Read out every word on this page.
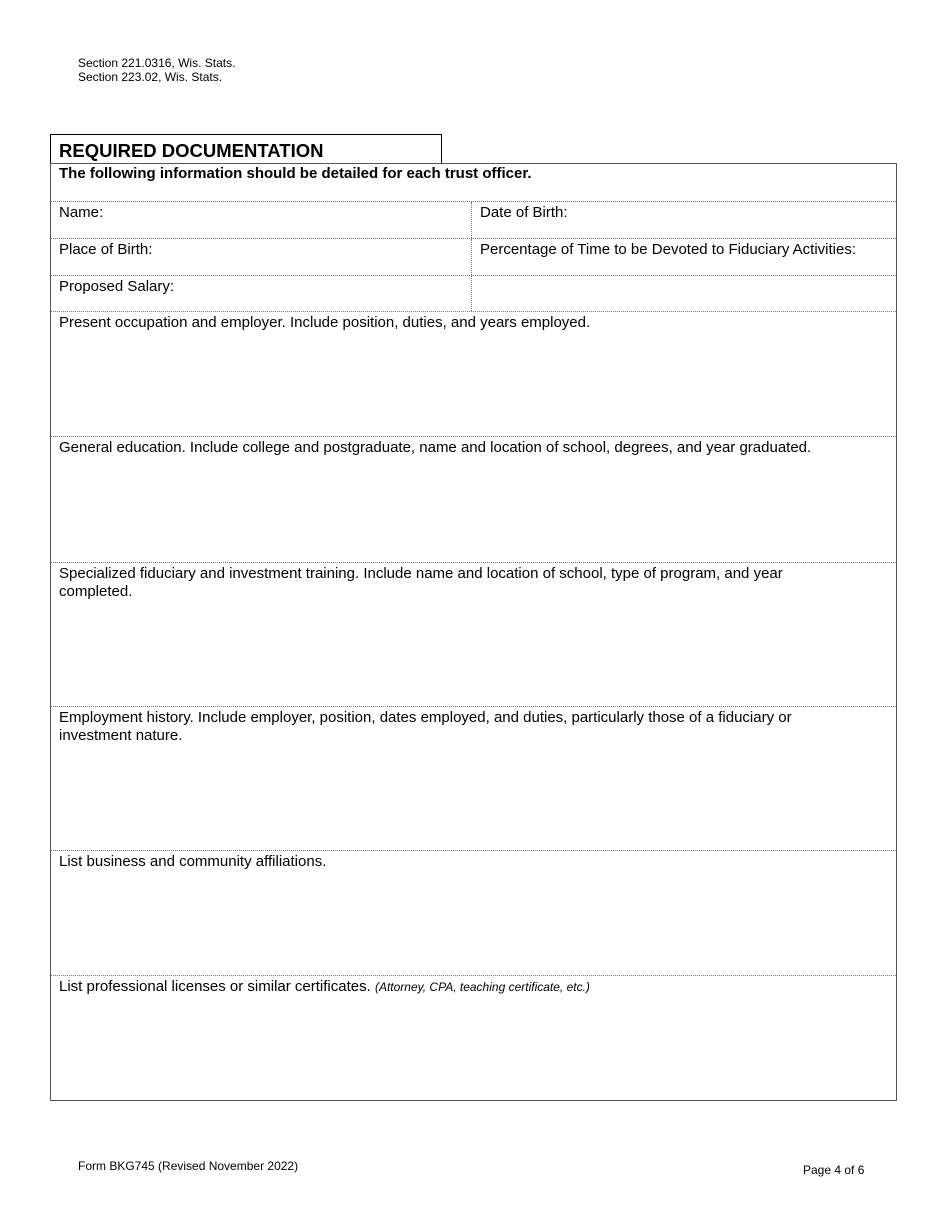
Section 221.0316, Wis. Stats.
Section 223.02, Wis. Stats.
REQUIRED DOCUMENTATION
The following information should be detailed for each trust officer.
Name:	Date of Birth:
Place of Birth:	Percentage of Time to be Devoted to Fiduciary Activities:
Proposed Salary:
Present occupation and employer. Include position, duties, and years employed.
General education. Include college and postgraduate, name and location of school, degrees, and year graduated.
Specialized fiduciary and investment training. Include name and location of school, type of program, and year completed.
Employment history. Include employer, position, dates employed, and duties, particularly those of a fiduciary or investment nature.
List business and community affiliations.
List professional licenses or similar certificates. (Attorney, CPA, teaching certificate, etc.)
Form BKG745 (Revised November 2022)	Page 4 of 6
